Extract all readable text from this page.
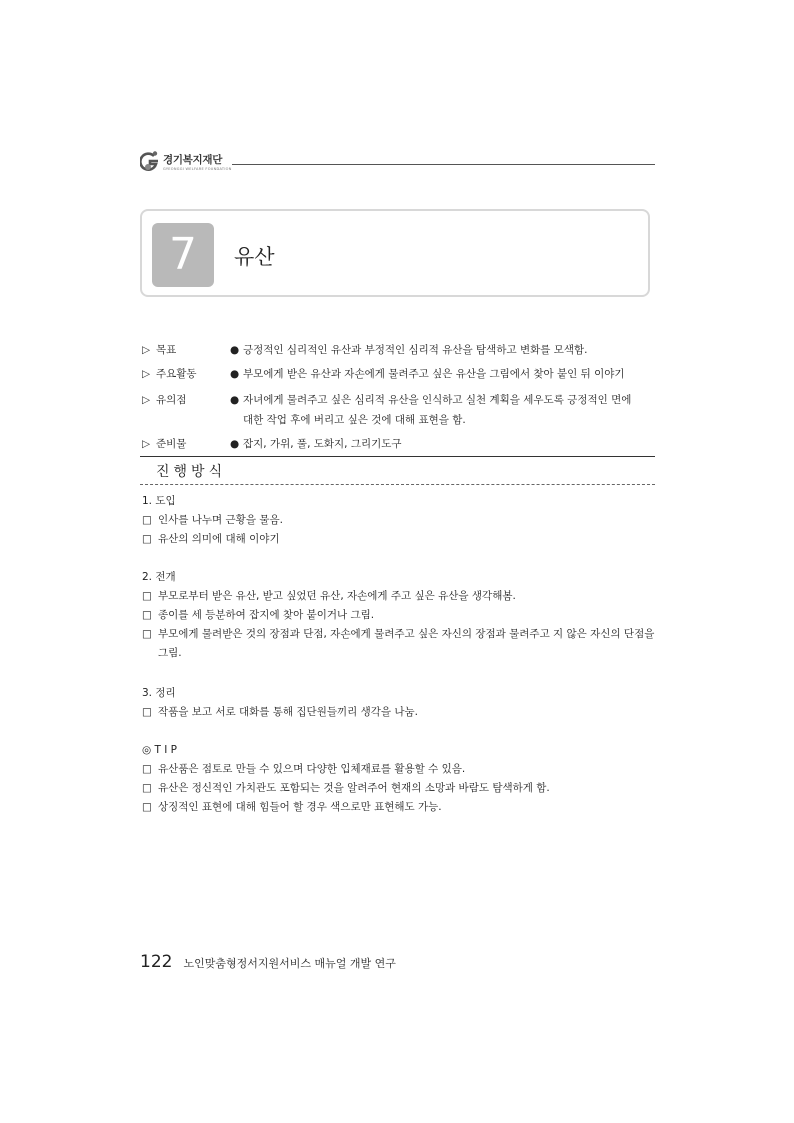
경기복지재단
GYEONGGI WELFARE FOUNDATION
7	유산
▷ 목표	● 긍정적인 심리적인 유산과 부정적인 심리적 유산을 탐색하고 변화를 모색함.
▷ 주요활동	● 부모에게 받은 유산과 자손에게 물려주고 싶은 유산을 그림에서 찾아 붙인 뒤 이야기
▷ 유의점	● 자녀에게 물려주고 싶은 심리적 유산을 인식하고 실천 계획을 세우도록 긍정적인 면에 대한 작업 후에 버리고 싶은 것에 대해 표현을 함.
▷ 준비물	● 잡지, 가위, 풀, 도화지, 그리기도구
진행방식
1. 도입
□ 인사를 나누며 근황을 물음.
□ 유산의 의미에 대해 이야기
2. 전개
□ 부모로부터 받은 유산, 받고 싶었던 유산, 자손에게 주고 싶은 유산을 생각해봄.
□ 종이를 세 등분하여 잡지에 찾아 붙이거나 그림.
□ 부모에게 물려받은 것의 장점과 단점, 자손에게 물려주고 싶은 자신의 장점과 물려주고 지 않은 자신의 단점을 그림.
3. 정리
□ 작품을 보고 서로 대화를 통해 집단원들끼리 생각을 나눔.
◎ T I P
□ 유산품은 점토로 만들 수 있으며 다양한 입체재료를 활용할 수 있음.
□ 유산은 정신적인 가치관도 포함되는 것을 알려주어 현재의 소망과 바람도 탐색하게 함.
□ 상징적인 표현에 대해 힘들어 할 경우 색으로만 표현해도 가능.
122 노인맞춤형정서지원서비스 매뉴얼 개발 연구
